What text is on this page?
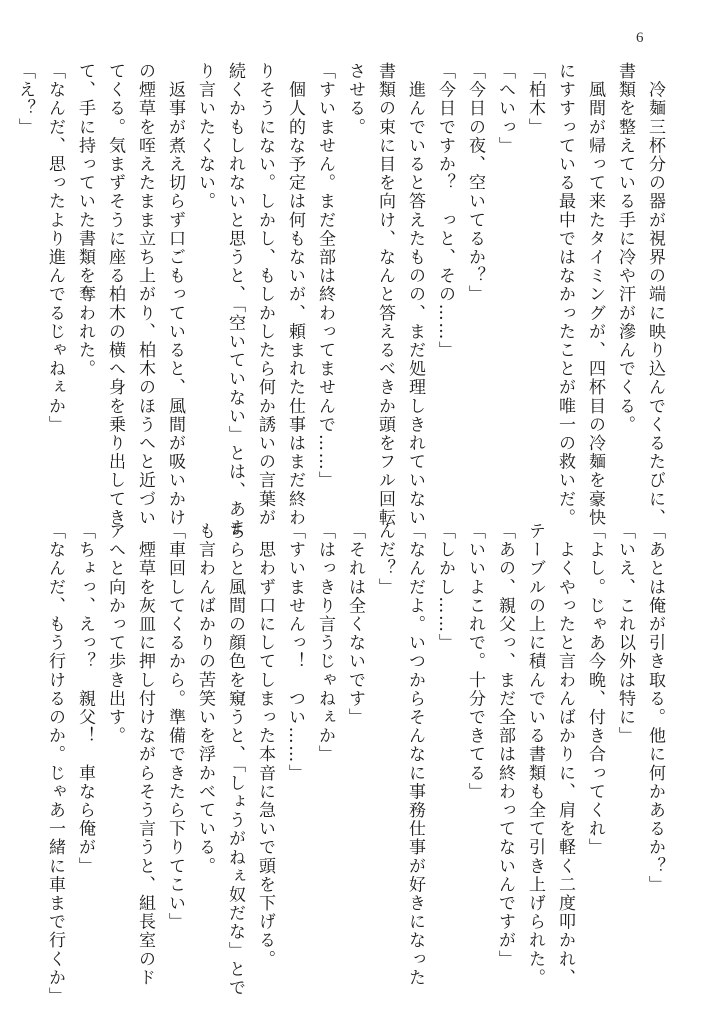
6
　冷麺三杯分の器が視界の端に映り込んでくるたびに、
書類を整えている手に冷や汗が滲んでくる。
　風間が帰って来たタイミングが、四杯目の冷麺を豪快
にすすっている最中ではなかったことが唯一の救いだ。
「柏木」
「へいっ」
「今日の夜、空いてるか？」
「今日ですか？　っと、その……」
　進んでいると答えたものの、まだ処理しきれていない
書類の束に目を向け、なんと答えるべきか頭をフル回転
させる。
「すいません。まだ全部は終わってませんで……」
　個人的な予定は何もないが、頼まれた仕事はまだ終わ
りそうにない。しかし、もしかしたら何か誘いの言葉が
続くかもしれないと思うと、「空いていない」とは、あま
り言いたくない。
　返事が煮え切らず口ごもっていると、風間が吸いかけ
の煙草を咥えたまま立ち上がり、柏木のほうへと近づい
てくる。気まずそうに座る柏木の横へ身を乗り出してき
て、手に持っていた書類を奪われた。
「なんだ、思ったより進んでるじゃねぇか」
「え？」
「あとは俺が引き取る。他に何かあるか？」
「いえ、これ以外は特に」
「よし。じゃあ今晩、付き合ってくれ」
　よくやったと言わんばかりに、肩を軽く二度叩かれ、
テーブルの上に積んでいる書類も全て引き上げられた。
「あの、親父っ、まだ全部は終わってないんですが」
「いいよこれで。十分できてる」
「しかし……」
「なんだよ。いつからそんなに事務仕事が好きになった
んだ？」
「それは全くないです」
「はっきり言うじゃねぇか」
「すいませんっ！　つい……」
　思わず口にしてしまった本音に急いで頭を下げる。
ちらと風間の顔色を窺うと、「しょうがねぇ奴だな」とで
も言わんばかりの苦笑いを浮かべている。
「車回してくるから。準備できたら下りてこい」
　煙草を灰皿に押し付けながらそう言うと、組長室のド
アへと向かって歩き出す。
「ちょっ、えっ？　親父！　車なら俺が」
「なんだ、もう行けるのか。じゃあ一緒に車まで行くか」
